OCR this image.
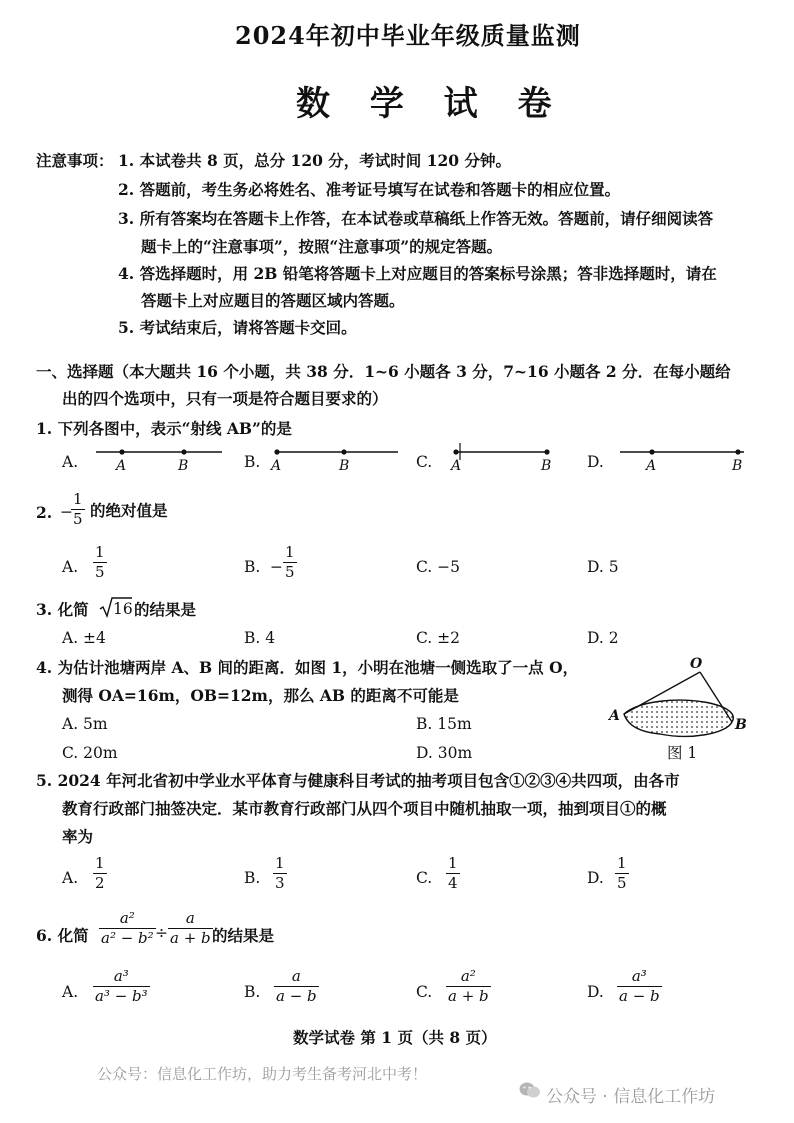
2024年初中毕业年级质量监测
数 学 试 卷
注意事项： 1. 本试卷共 8 页，总分 120 分，考试时间 120 分钟。
2. 答题前，考生务必将姓名、准考证号填写在试卷和答题卡的相应位置。
3. 所有答案均在答题卡上作答，在本试卷或草稿纸上作答无效。答题前，请仔细阅读答
题卡上的“注意事项”，按照“注意事项”的规定答题。
4. 答选择题时，用 2B 铅笔将答题卡上对应题目的答案标号涂黑；答非选择题时，请在
答题卡上对应题目的答题区域内答题。
5. 考试结束后，请将答题卡交回。
一、选择题（本大题共 16 个小题，共 38 分．1~6 小题各 3 分，7~16 小题各 2 分．在每小题给
出的四个选项中，只有一项是符合题目要求的）
1. 下列各图中，表示“射线 AB”的是
A.	B.	C.	D.
A	B	A	B	A	B	A	B
2. −
$\frac{1}{5}$ 的绝对值是
A. $\frac{1}{5}$	B. − $\frac{1}{5}$	C. −5	D. 5
3. 化简 16 的结果是
A. ±4	B. 4	C. ±2	D. 2
4. 为估计池塘两岸 A、B 间的距离．如图 1，小明在池塘一侧选取了一点 O，
测得 OA=16m，OB=12m，那么 AB 的距离不可能是
A. 5m	B. 15m
C. 20m	D. 30m
O
A
B
图 1
5. 2024 年河北省初中学业水平体育与健康科目考试的抽考项目包含①②③④共四项，由各市
教育行政部门抽签决定．某市教育行政部门从四个项目中随机抽取一项，抽到项目①的概
率为
A. $\frac{1}{2}$	B. $\frac{1}{3}$	C. $\frac{1}{4}$	D. $\frac{1}{5}$
6. 化简 $\frac{\text{a²}}{\text{a² − b²}} \div \frac{a}{a + b}$ 的结果是
A. $\frac{\text{a³}}{\text{a³ − b³}}$	B. $\frac{a}{a - b}$	C. $\frac{\text{a²}}{a + b}$	D. $\frac{\text{a³}}{a - b}$
数学试卷 第 1 页（共 8 页）
公众号：信息化工作坊，助力考生备考河北中考！
公众号 · 信息化工作坊
